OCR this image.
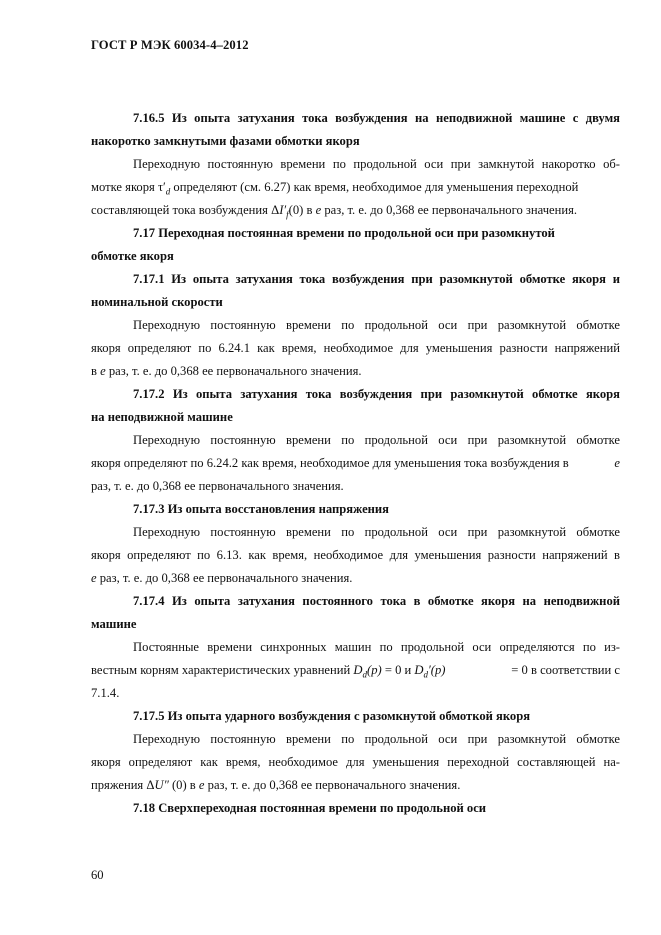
ГОСТ Р МЭК 60034-4–2012
7.16.5 Из опыта затухания тока возбуждения на неподвижной машине с двумя
накоротко замкнутыми фазами обмотки якоря
Переходную постоянную времени по продольной оси при замкнутой накоротко об-
мотке якоря $\tau'_d$ определяют (см. 6.27) как время, необходимое для уменьшения переходной
составляющей тока возбуждения $\Delta I'_f(0)$ в e раз, т. е. до 0,368 ее первоначального значения.
7.17 Переходная постоянная времени по продольной оси при разомкнутой
обмотке якоря
7.17.1 Из опыта затухания тока возбуждения при разомкнутой обмотке якоря и
номинальной скорости
Переходную постоянную времени по продольной оси при разомкнутой обмотке
якоря определяют по 6.24.1 как время, необходимое для уменьшения разности напряжений
в e раз, т. е. до 0,368 ее первоначального значения.
7.17.2 Из опыта затухания тока возбуждения при разомкнутой обмотке якоря
на неподвижной машине
Переходную постоянную времени по продольной оси при разомкнутой обмотке
якоря определяют по 6.24.2 как время, необходимое для уменьшения тока возбуждения в	e
раз, т. е. до 0,368 ее первоначального значения.
7.17.3 Из опыта восстановления напряжения
Переходную постоянную времени по продольной оси при разомкнутой обмотке
якоря определяют по 6.13. как время, необходимое для уменьшения разности напряжений в
e раз, т. е. до 0,368 ее первоначального значения.
7.17.4 Из опыта затухания постоянного тока в обмотке якоря на неподвижной
машине
Постоянные времени синхронных машин по продольной оси определяются по из-
вестным корням характеристических уравнений $D_d(p) = 0$ и $D_d'(p)$	= 0 в соответствии с
7.1.4.
7.17.5 Из опыта ударного возбуждения с разомкнутой обмоткой якоря
Переходную постоянную времени по продольной оси при разомкнутой обмотке
якоря определяют как время, необходимое для уменьшения переходной составляющей на-
пряжения ΔU″ (0) в e раз, т. е. до 0,368 ее первоначального значения.
7.18 Сверхпереходная постоянная времени по продольной оси
60
